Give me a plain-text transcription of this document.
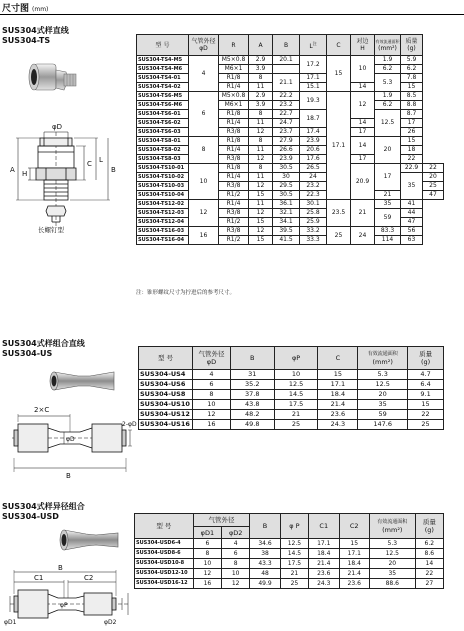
尺寸图 (mm)
SUS304式样直线
SUS304-TS
φD
H
A
C L
B
长螺钉型
型 号	气管外径
φD	R	A	B	$L^注$	C	对边
H	有效流通面积
(mm²)	质量
(g)	
SUS304-TS4-M5	4	M5×0.8	2.9	20.1	17.2	15	10	1.9	5.9	
SUS304-TS4-M6		M6×1	3.9					6.2	6.2	
SUS304-TS4-01		R1/8	8	21.1	17.1			5.3	7.8	
SUS304-TS4-02		R1/4	11		15.1		14		15	
SUS304-TS6-M5	6	M5×0.8	2.9	22.2	19.3	17.1	12	1.9	8.5	
SUS304-TS6-M6		M6×1	3.9	23.2				6.2	8.8	
SUS304-TS6-01		R1/8	8	22.7	18.7			12.5	8.7	
SUS304-TS6-02		R1/4	11	24.7			14		17	
SUS304-TS6-03		R3/8	12	23.7	17.4		17		26	
SUS304-TS8-01	8	R1/8	8	27.9	23.9		14	20	15	
SUS304-TS8-02		R1/4	11	26.6	20.6				18	
SUS304-TS8-03		R3/8	12	23.9	17.6		17		22	
SUS304-TS10-01	10	R1/8	8	30.5	26.5		20.9	17	22.9	22
SUS304-TS10-02		R1/4	11	30	24				35	20
SUS304-TS10-03		R3/8	12	29.5	23.2					25
SUS304-TS10-04		R1/2	15	30.5	22.3			21		47
SUS304-TS12-02	12	R1/4	11	36.1	30.1	23.5	21	35	41	
SUS304-TS12-03		R3/8	12	32.1	25.8			59	44	
SUS304-TS12-04		R1/2	15	34.1	25.9				47	
SUS304-TS16-03	16	R3/8	12	39.5	33.2	25	24	83.3	56	
SUS304-TS16-04		R1/2	15	41.5	33.3			114	63	
注：锥形螺纹尺寸为拧进后的参考尺寸。
SUS304式样组合直线
SUS304-US
2×C
B
2-φD
φD
型 号	气管外径
φD	B	φP	C	有效流通面积
(mm²)	质量
(g)
SUS304-US4	4	31	10	15	5.3	4.7
SUS304-US6	6	35.2	12.5	17.1	12.5	6.4
SUS304-US8	8	37.8	14.5	18.4	20	9.1
SUS304-US10	10	43.8	17.5	21.4	35	15
SUS304-US12	12	48.2	21	23.6	59	22
SUS304-US16	16	49.8	25	24.3	147.6	25
SUS304式样异径组合
SUS304-USD
B
C1	C2
φD1	φD2
φP
型 号	气管外径		B	φ P	C1	C2	有效流通面积
(mm²)	质量
(g)
	φD1	φD2						
SUS304-USD6-4	6	4	34.6	12.5	17.1	15	5.3	6.2
SUS304-USD8-6	8	6	38	14.5	18.4	17.1	12.5	8.6
SUS304-USD10-8	10	8	43.3	17.5	21.4	18.4	20	14
SUS304-USD12-10	12	10	48	21	23.6	21.4	35	22
SUS304-USD16-12	16	12	49.9	25	24.3	23.6	88.6	27
